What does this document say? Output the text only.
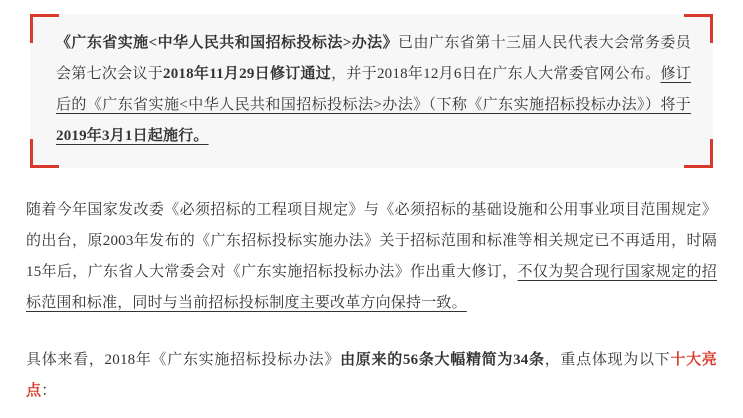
《广东省实施<中华人民共和国招标投标法>办法》已由广东省第十三届人民代表大会常务委员会第七次会议于2018年11月29日修订通过，并于2018年12月6日在广东人大常委官网公布。修订后的《广东省实施<中华人民共和国招标投标法>办法》（下称《广东实施招标投标办法》）将于2019年3月1日起施行。

随着今年国家发改委《必须招标的工程项目规定》与《必须招标的基础设施和公用事业项目范围规定》的出台，原2003年发布的《广东招标投标实施办法》关于招标范围和标准等相关规定已不再适用，时隔15年后，广东省人大常委会对《广东实施招标投标办法》作出重大修订，不仅为契合现行国家规定的招标范围和标准，同时与当前招标投标制度主要改革方向保持一致。

具体来看，2018年《广东实施招标投标办法》由原来的56条大幅精简为34条，重点体现为以下十大亮点：
